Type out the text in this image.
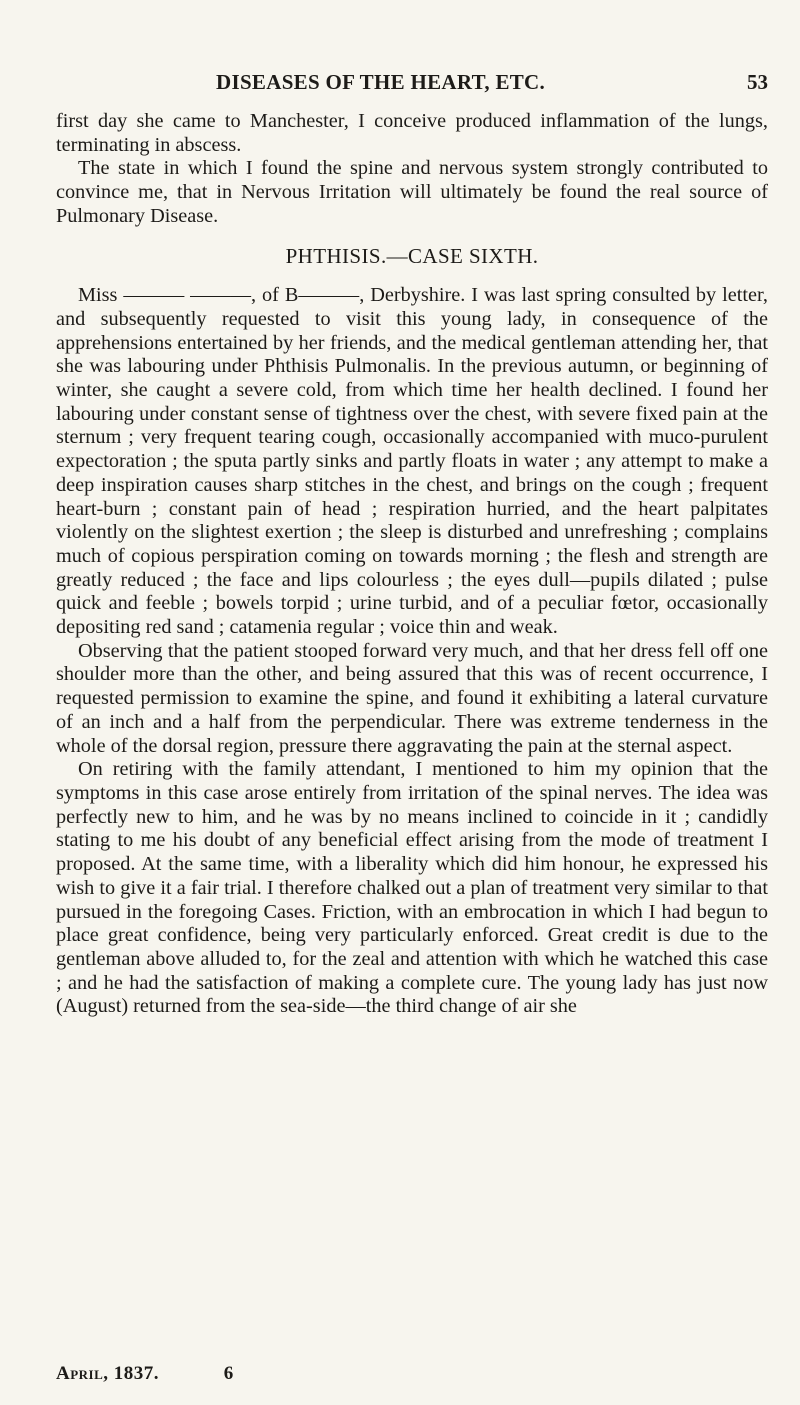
DISEASES OF THE HEART, ETC.	53

first day she came to Manchester, I conceive produced inflammation of the lungs, terminating in abscess.

The state in which I found the spine and nervous system strongly contributed to convince me, that in Nervous Irritation will ultimately be found the real source of Pulmonary Disease.

PHTHISIS.—CASE SIXTH.

Miss ——— ———, of B———, Derbyshire. I was last spring consulted by letter, and subsequently requested to visit this young lady, in consequence of the apprehensions entertained by her friends, and the medical gentleman attending her, that she was labouring under Phthisis Pulmonalis. In the previous autumn, or beginning of winter, she caught a severe cold, from which time her health declined. I found her labouring under constant sense of tightness over the chest, with severe fixed pain at the sternum ; very frequent tearing cough, occasionally accompanied with muco-purulent expectoration ; the sputa partly sinks and partly floats in water ; any attempt to make a deep inspiration causes sharp stitches in the chest, and brings on the cough ; frequent heart-burn ; constant pain of head ; respiration hurried, and the heart palpitates violently on the slightest exertion ; the sleep is disturbed and unrefreshing ; complains much of copious perspiration coming on towards morning ; the flesh and strength are greatly reduced ; the face and lips colourless ; the eyes dull—pupils dilated ; pulse quick and feeble ; bowels torpid ; urine turbid, and of a peculiar fœtor, occasionally depositing red sand ; catamenia regular ; voice thin and weak.

Observing that the patient stooped forward very much, and that her dress fell off one shoulder more than the other, and being assured that this was of recent occurrence, I requested permission to examine the spine, and found it exhibiting a lateral curvature of an inch and a half from the perpendicular. There was extreme tenderness in the whole of the dorsal region, pressure there aggravating the pain at the sternal aspect.

On retiring with the family attendant, I mentioned to him my opinion that the symptoms in this case arose entirely from irritation of the spinal nerves. The idea was perfectly new to him, and he was by no means inclined to coincide in it ; candidly stating to me his doubt of any beneficial effect arising from the mode of treatment I proposed. At the same time, with a liberality which did him honour, he expressed his wish to give it a fair trial. I therefore chalked out a plan of treatment very similar to that pursued in the foregoing Cases. Friction, with an embrocation in which I had begun to place great confidence, being very particularly enforced. Great credit is due to the gentleman above alluded to, for the zeal and attention with which he watched this case ; and he had the satisfaction of making a complete cure. The young lady has just now (August) returned from the sea-side—the third change of air she

April, 1837.	6
